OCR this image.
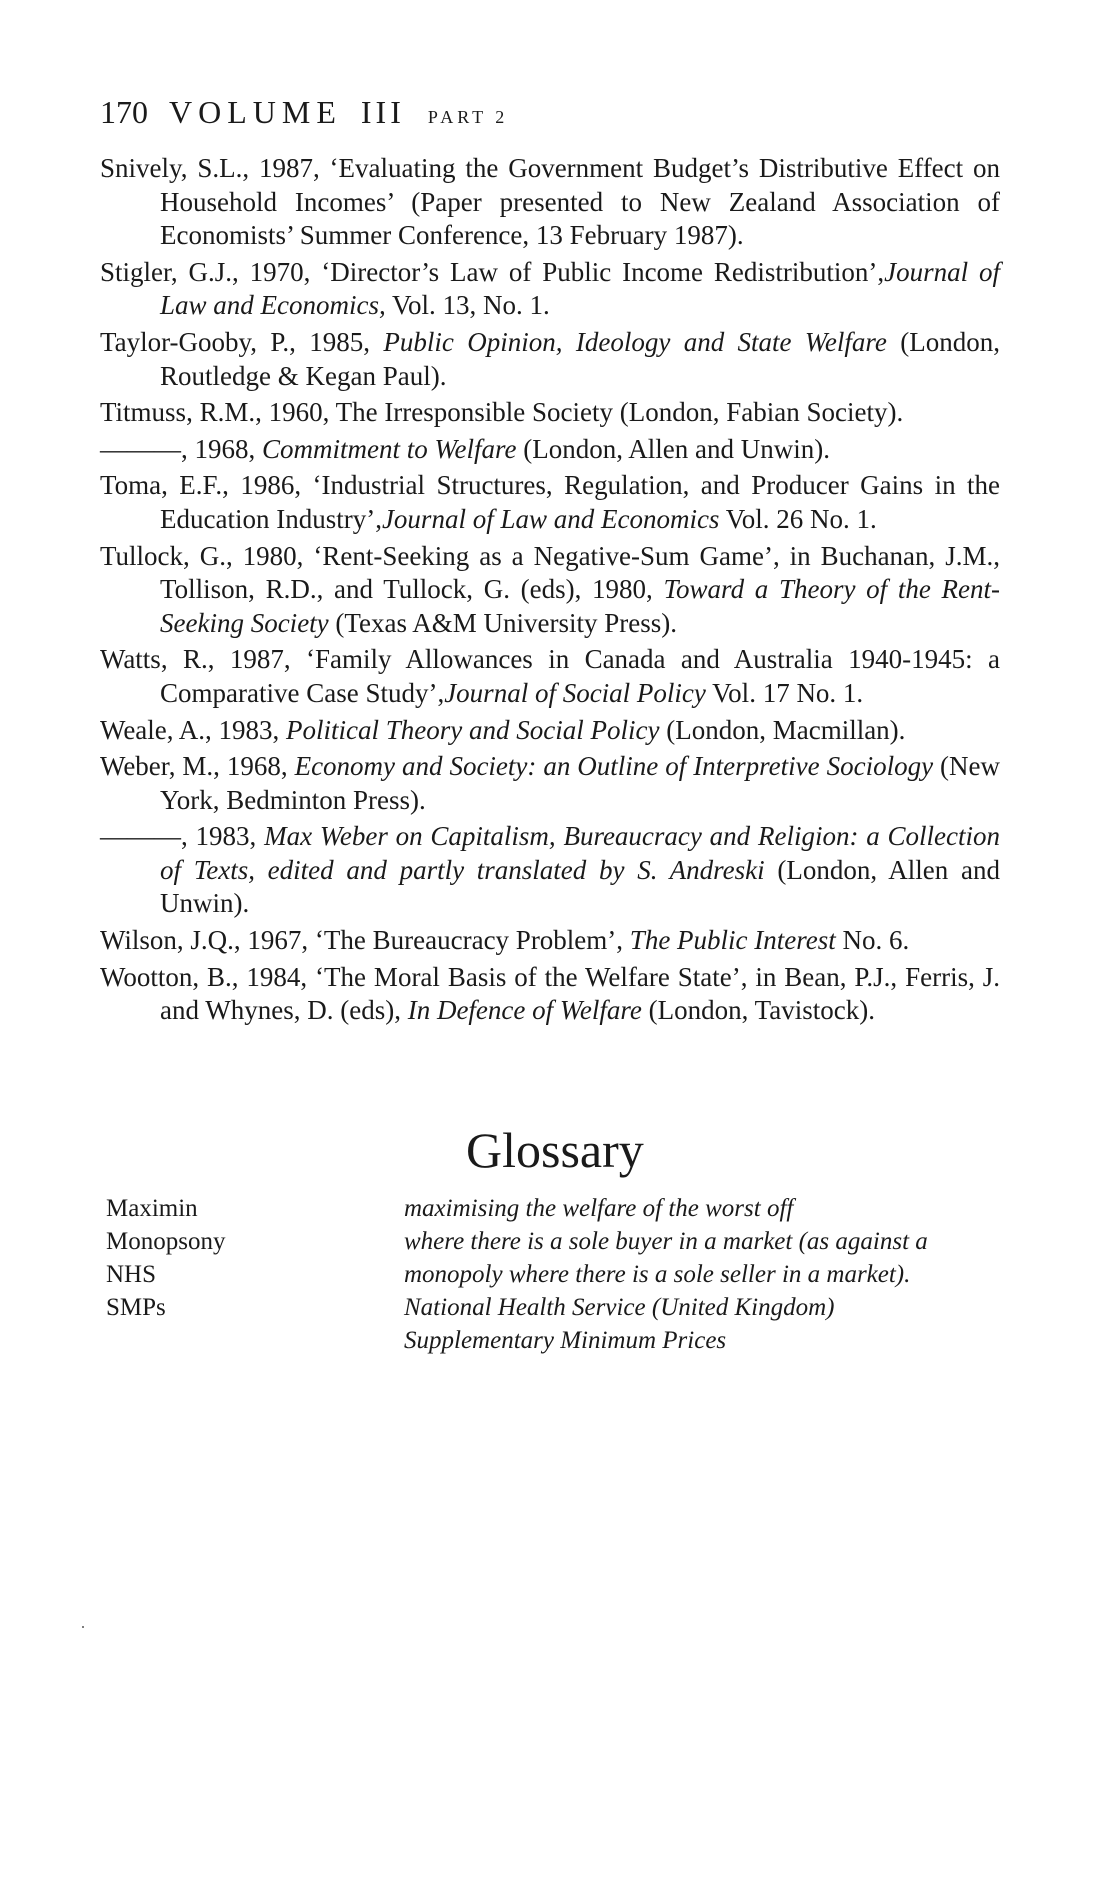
170 VOLUME III PART 2

Snively, S.L., 1987, ‘Evaluating the Government Budget’s Distributive Effect on Household Incomes’ (Paper presented to New Zealand Association of Economists’ Summer Conference, 13 February 1987).

Stigler, G.J., 1970, ‘Director’s Law of Public Income Redistribution’,Journal of Law and Economics, Vol. 13, No. 1.

Taylor-Gooby, P., 1985, Public Opinion, Ideology and State Welfare (London, Routledge & Kegan Paul).

Titmuss, R.M., 1960, The Irresponsible Society (London, Fabian Society).

———, 1968, Commitment to Welfare (London, Allen and Unwin).

Toma, E.F., 1986, ‘Industrial Structures, Regulation, and Producer Gains in the Education Industry’,Journal of Law and Economics Vol. 26 No. 1.

Tullock, G., 1980, ‘Rent-Seeking as a Negative-Sum Game’, in Buchanan, J.M., Tollison, R.D., and Tullock, G. (eds), 1980, Toward a Theory of the Rent-Seeking Society (Texas A&M University Press).

Watts, R., 1987, ‘Family Allowances in Canada and Australia 1940-1945: a Comparative Case Study’,Journal of Social Policy Vol. 17 No. 1.

Weale, A., 1983, Political Theory and Social Policy (London, Macmillan).

Weber, M., 1968, Economy and Society: an Outline of Interpretive Sociology (New York, Bedminton Press).

———, 1983, Max Weber on Capitalism, Bureaucracy and Religion: a Collection of Texts, edited and partly translated by S. Andreski (London, Allen and Unwin).

Wilson, J.Q., 1967, ‘The Bureaucracy Problem’, The Public Interest No. 6.

Wootton, B., 1984, ‘The Moral Basis of the Welfare State’, in Bean, P.J., Ferris, J. and Whynes, D. (eds), In Defence of Welfare (London, Tavistock).

Glossary
Maximin
Monopsony
NHS
SMPs
maximising the welfare of the worst off
where there is a sole buyer in a market (as against a
monopoly where there is a sole seller in a market).
National Health Service (United Kingdom)
Supplementary Minimum Prices
